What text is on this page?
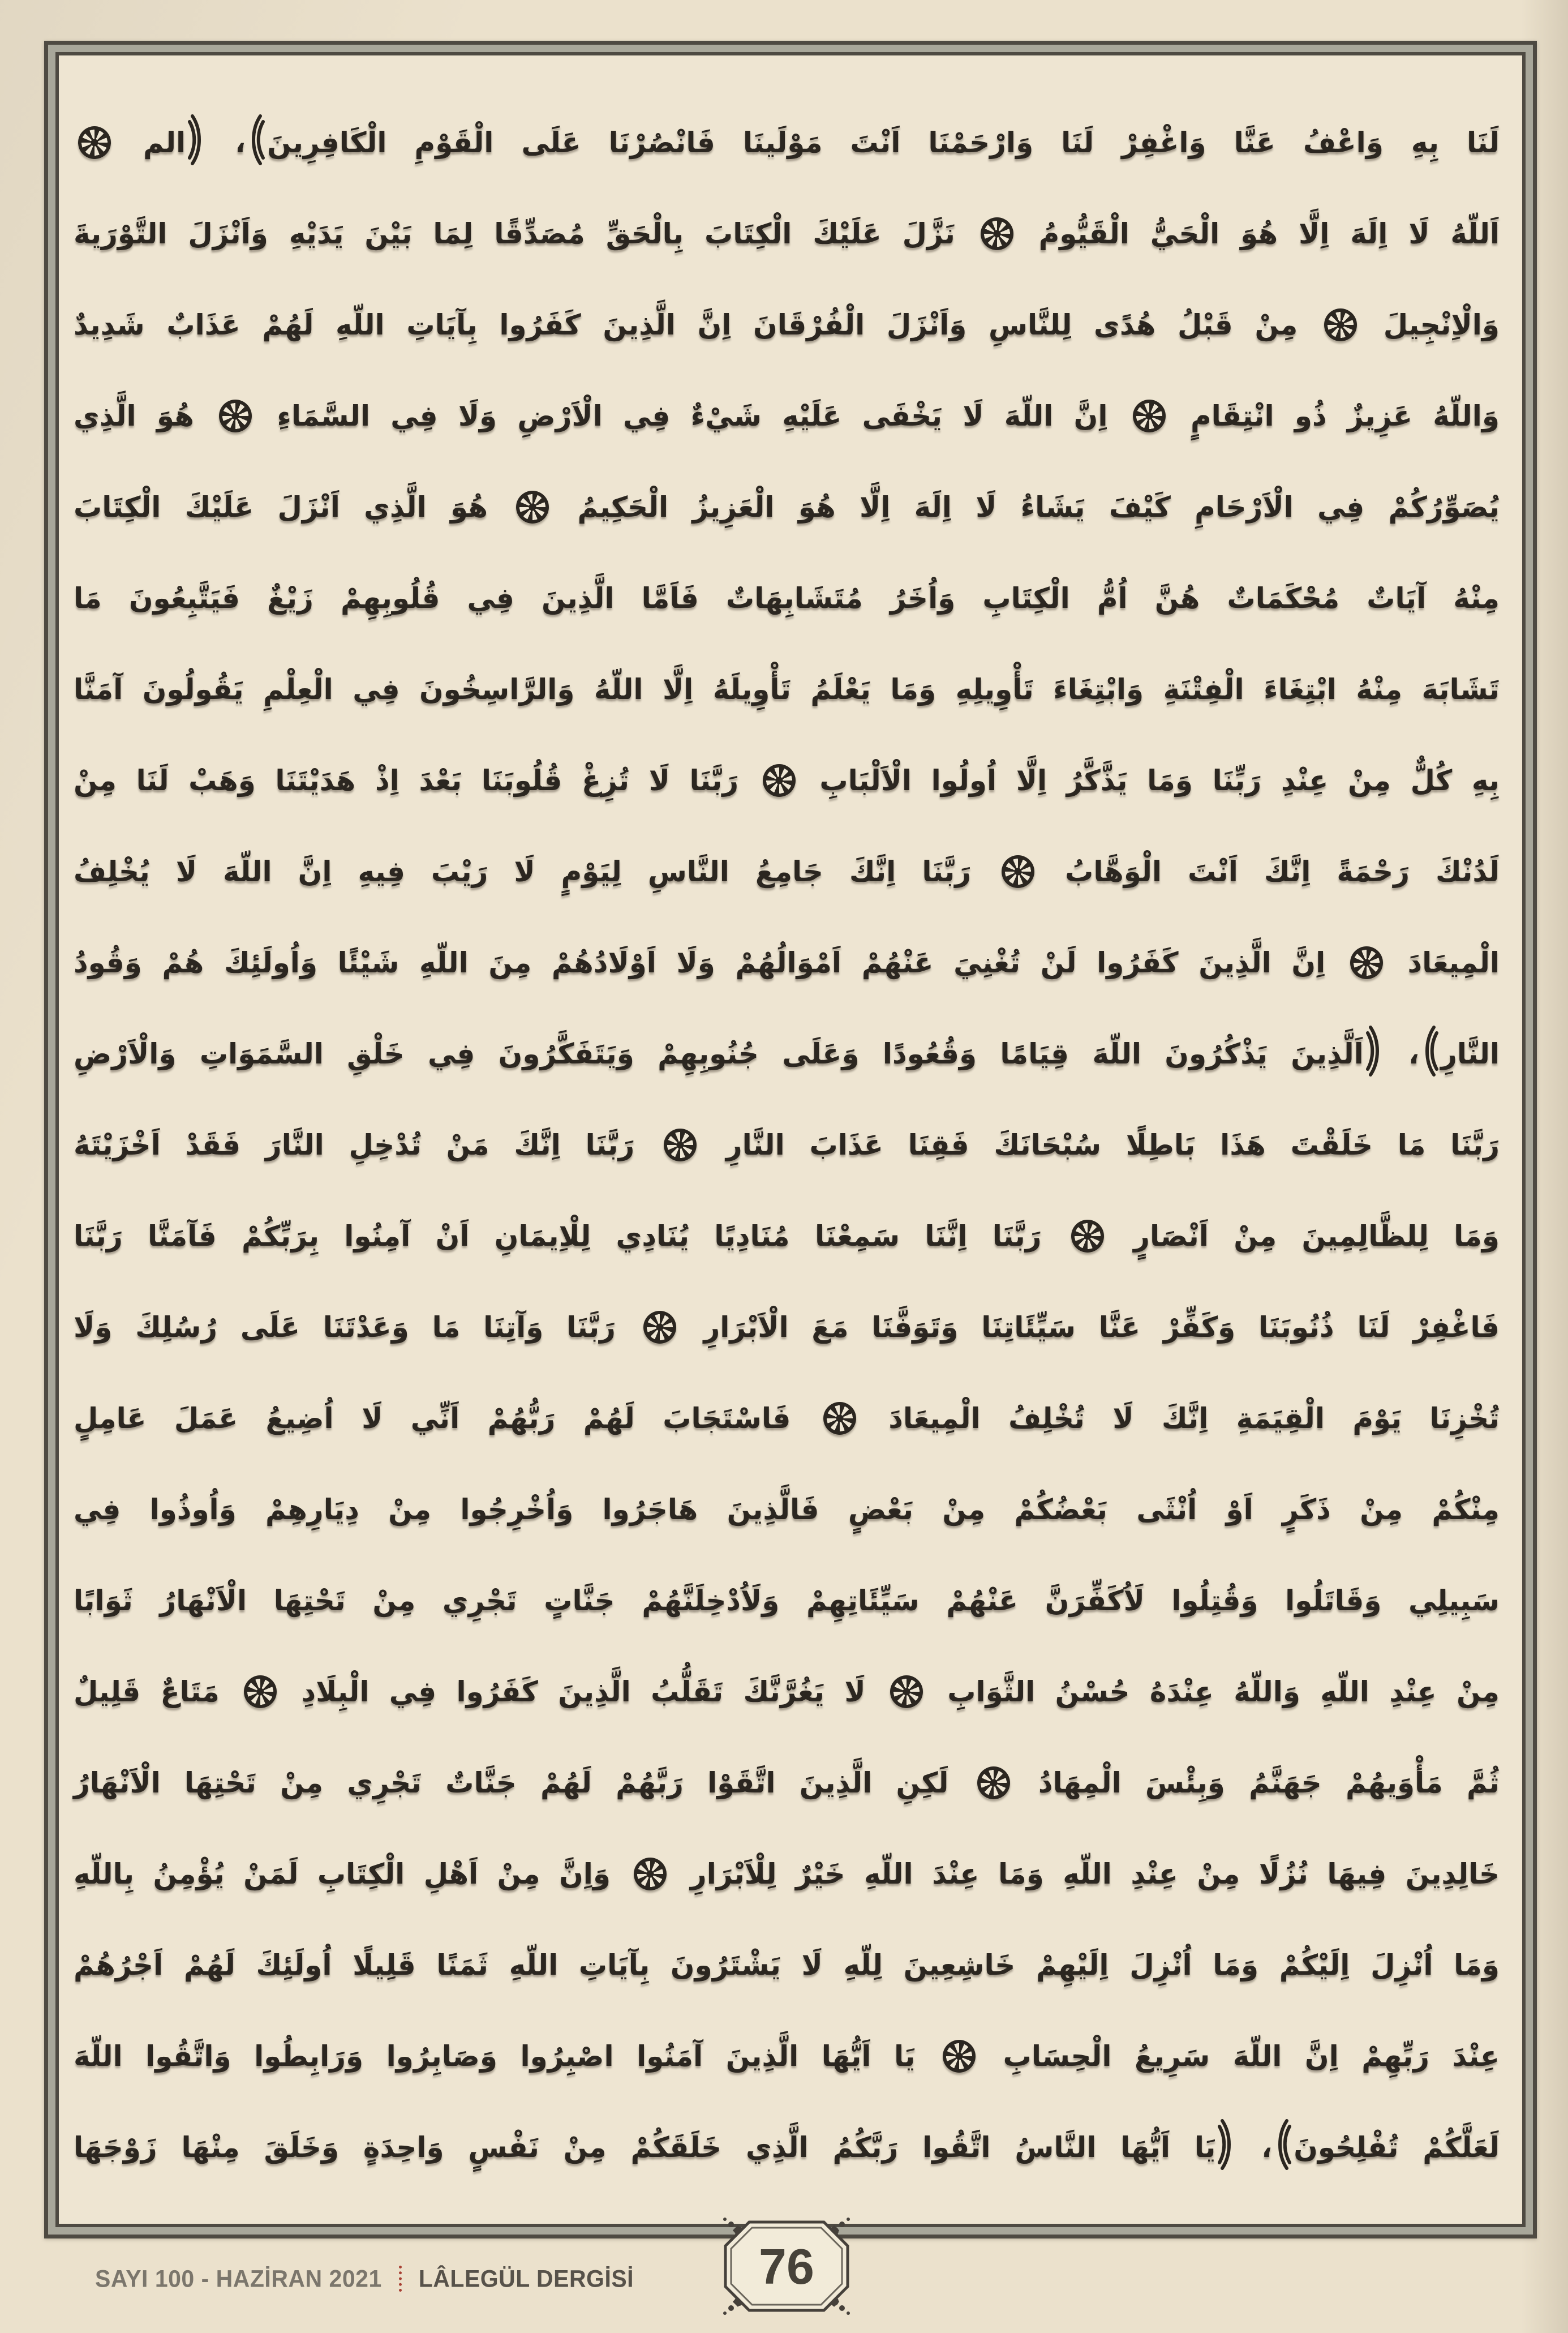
لَنَا بِهِ وَاعْفُ عَنَّا وَاغْفِرْ لَنَا وَارْحَمْنَا اَنْتَ مَوْلَينَا فَانْصُرْنَا عَلَى الْقَوْمِ الْكَافِرِينَ
،
الم
اَللّهُ لَا اِلَهَ اِلَّا هُوَ الْحَيُّ الْقَيُّومُ  نَزَّلَ عَلَيْكَ الْكِتَابَ بِالْحَقِّ مُصَدِّقًا لِمَا بَيْنَ يَدَيْهِ وَاَنْزَلَ التَّوْرَيةَ
وَالْاِنْجِيلَ  مِنْ قَبْلُ هُدًى لِلنَّاسِ وَاَنْزَلَ الْفُرْقَانَ اِنَّ الَّذِينَ كَفَرُوا بِآيَاتِ اللّهِ لَهُمْ عَذَابٌ شَدِيدٌ
وَاللّهُ عَزِيزٌ ذُو انْتِقَامٍ  اِنَّ اللّهَ لَا يَخْفَى عَلَيْهِ شَيْءٌ فِي الْاَرْضِ وَلَا فِي السَّمَاءِ  هُوَ الَّذِي
يُصَوِّرُكُمْ فِي الْاَرْحَامِ كَيْفَ يَشَاءُ لَا اِلَهَ اِلَّا هُوَ الْعَزِيزُ الْحَكِيمُ  هُوَ الَّذِي اَنْزَلَ عَلَيْكَ الْكِتَابَ
مِنْهُ آيَاتٌ مُحْكَمَاتٌ هُنَّ اُمُّ الْكِتَابِ وَاُخَرُ مُتَشَابِهَاتٌ فَاَمَّا الَّذِينَ فِي قُلُوبِهِمْ زَيْغٌ فَيَتَّبِعُونَ مَا
تَشَابَهَ مِنْهُ ابْتِغَاءَ الْفِتْنَةِ وَابْتِغَاءَ تَأْوِيلِهِ وَمَا يَعْلَمُ تَأْوِيلَهُ اِلَّا اللّهُ وَالرَّاسِخُونَ فِي الْعِلْمِ يَقُولُونَ آمَنَّا
بِهِ كُلٌّ مِنْ عِنْدِ رَبِّنَا وَمَا يَذَّكَّرُ اِلَّا اُولُوا الْاَلْبَابِ  رَبَّنَا لَا تُزِغْ قُلُوبَنَا بَعْدَ اِذْ هَدَيْتَنَا وَهَبْ لَنَا مِنْ
لَدُنْكَ رَحْمَةً اِنَّكَ اَنْتَ الْوَهَّابُ  رَبَّنَا اِنَّكَ جَامِعُ النَّاسِ لِيَوْمٍ لَا رَيْبَ فِيهِ اِنَّ اللّهَ لَا يُخْلِفُ
الْمِيعَادَ  اِنَّ الَّذِينَ كَفَرُوا لَنْ تُغْنِيَ عَنْهُمْ اَمْوَالُهُمْ وَلَا اَوْلَادُهُمْ مِنَ اللّهِ شَيْئًا وَاُولَئِكَ هُمْ وَقُودُ
النَّارِ
،
اَلَّذِينَ يَذْكُرُونَ اللّهَ قِيَامًا وَقُعُودًا وَعَلَى جُنُوبِهِمْ وَيَتَفَكَّرُونَ فِي خَلْقِ السَّمَوَاتِ وَالْاَرْضِ
رَبَّنَا مَا خَلَقْتَ هَذَا بَاطِلًا سُبْحَانَكَ فَقِنَا عَذَابَ النَّارِ  رَبَّنَا اِنَّكَ مَنْ تُدْخِلِ النَّارَ فَقَدْ اَخْزَيْتَهُ
وَمَا لِلظَّالِمِينَ مِنْ اَنْصَارٍ  رَبَّنَا اِنَّنَا سَمِعْنَا مُنَادِيًا يُنَادِي لِلْاِيمَانِ اَنْ آمِنُوا بِرَبِّكُمْ فَآمَنَّا رَبَّنَا
فَاغْفِرْ لَنَا ذُنُوبَنَا وَكَفِّرْ عَنَّا سَيِّئَاتِنَا وَتَوَفَّنَا مَعَ الْاَبْرَارِ  رَبَّنَا وَآتِنَا مَا وَعَدْتَنَا عَلَى رُسُلِكَ وَلَا
تُخْزِنَا يَوْمَ الْقِيَمَةِ اِنَّكَ لَا تُخْلِفُ الْمِيعَادَ  فَاسْتَجَابَ لَهُمْ رَبُّهُمْ اَنِّي لَا اُضِيعُ عَمَلَ عَامِلٍ
مِنْكُمْ مِنْ ذَكَرٍ اَوْ اُنْثَى بَعْضُكُمْ مِنْ بَعْضٍ فَالَّذِينَ هَاجَرُوا وَاُخْرِجُوا مِنْ دِيَارِهِمْ وَاُوذُوا فِي
سَبِيلِي وَقَاتَلُوا وَقُتِلُوا لَاُكَفِّرَنَّ عَنْهُمْ سَيِّئَاتِهِمْ وَلَاُدْخِلَنَّهُمْ جَنَّاتٍ تَجْرِي مِنْ تَحْتِهَا الْاَنْهَارُ ثَوَابًا
مِنْ عِنْدِ اللّهِ وَاللّهُ عِنْدَهُ حُسْنُ الثَّوَابِ  لَا يَغُرَّنَّكَ تَقَلُّبُ الَّذِينَ كَفَرُوا فِي الْبِلَادِ  مَتَاعٌ قَلِيلٌ
ثُمَّ مَأْوَيهُمْ جَهَنَّمُ وَبِئْسَ الْمِهَادُ  لَكِنِ الَّذِينَ اتَّقَوْا رَبَّهُمْ لَهُمْ جَنَّاتٌ تَجْرِي مِنْ تَحْتِهَا الْاَنْهَارُ
خَالِدِينَ فِيهَا نُزُلًا مِنْ عِنْدِ اللّهِ وَمَا عِنْدَ اللّهِ خَيْرٌ لِلْاَبْرَارِ  وَاِنَّ مِنْ اَهْلِ الْكِتَابِ لَمَنْ يُؤْمِنُ بِاللّهِ
وَمَا اُنْزِلَ اِلَيْكُمْ وَمَا اُنْزِلَ اِلَيْهِمْ خَاشِعِينَ لِلّهِ لَا يَشْتَرُونَ بِآيَاتِ اللّهِ ثَمَنًا قَلِيلًا اُولَئِكَ لَهُمْ اَجْرُهُمْ
عِنْدَ رَبِّهِمْ اِنَّ اللّهَ سَرِيعُ الْحِسَابِ  يَا اَيُّهَا الَّذِينَ آمَنُوا اصْبِرُوا وَصَابِرُوا وَرَابِطُوا وَاتَّقُوا اللّهَ
لَعَلَّكُمْ تُفْلِحُونَ
،
يَا اَيُّهَا النَّاسُ اتَّقُوا رَبَّكُمُ الَّذِي خَلَقَكُمْ مِنْ نَفْسٍ وَاحِدَةٍ وَخَلَقَ مِنْهَا زَوْجَهَا
76
SAYI 100 - HAZİRAN 2021 LÂLEGÜL DERGİSİ
